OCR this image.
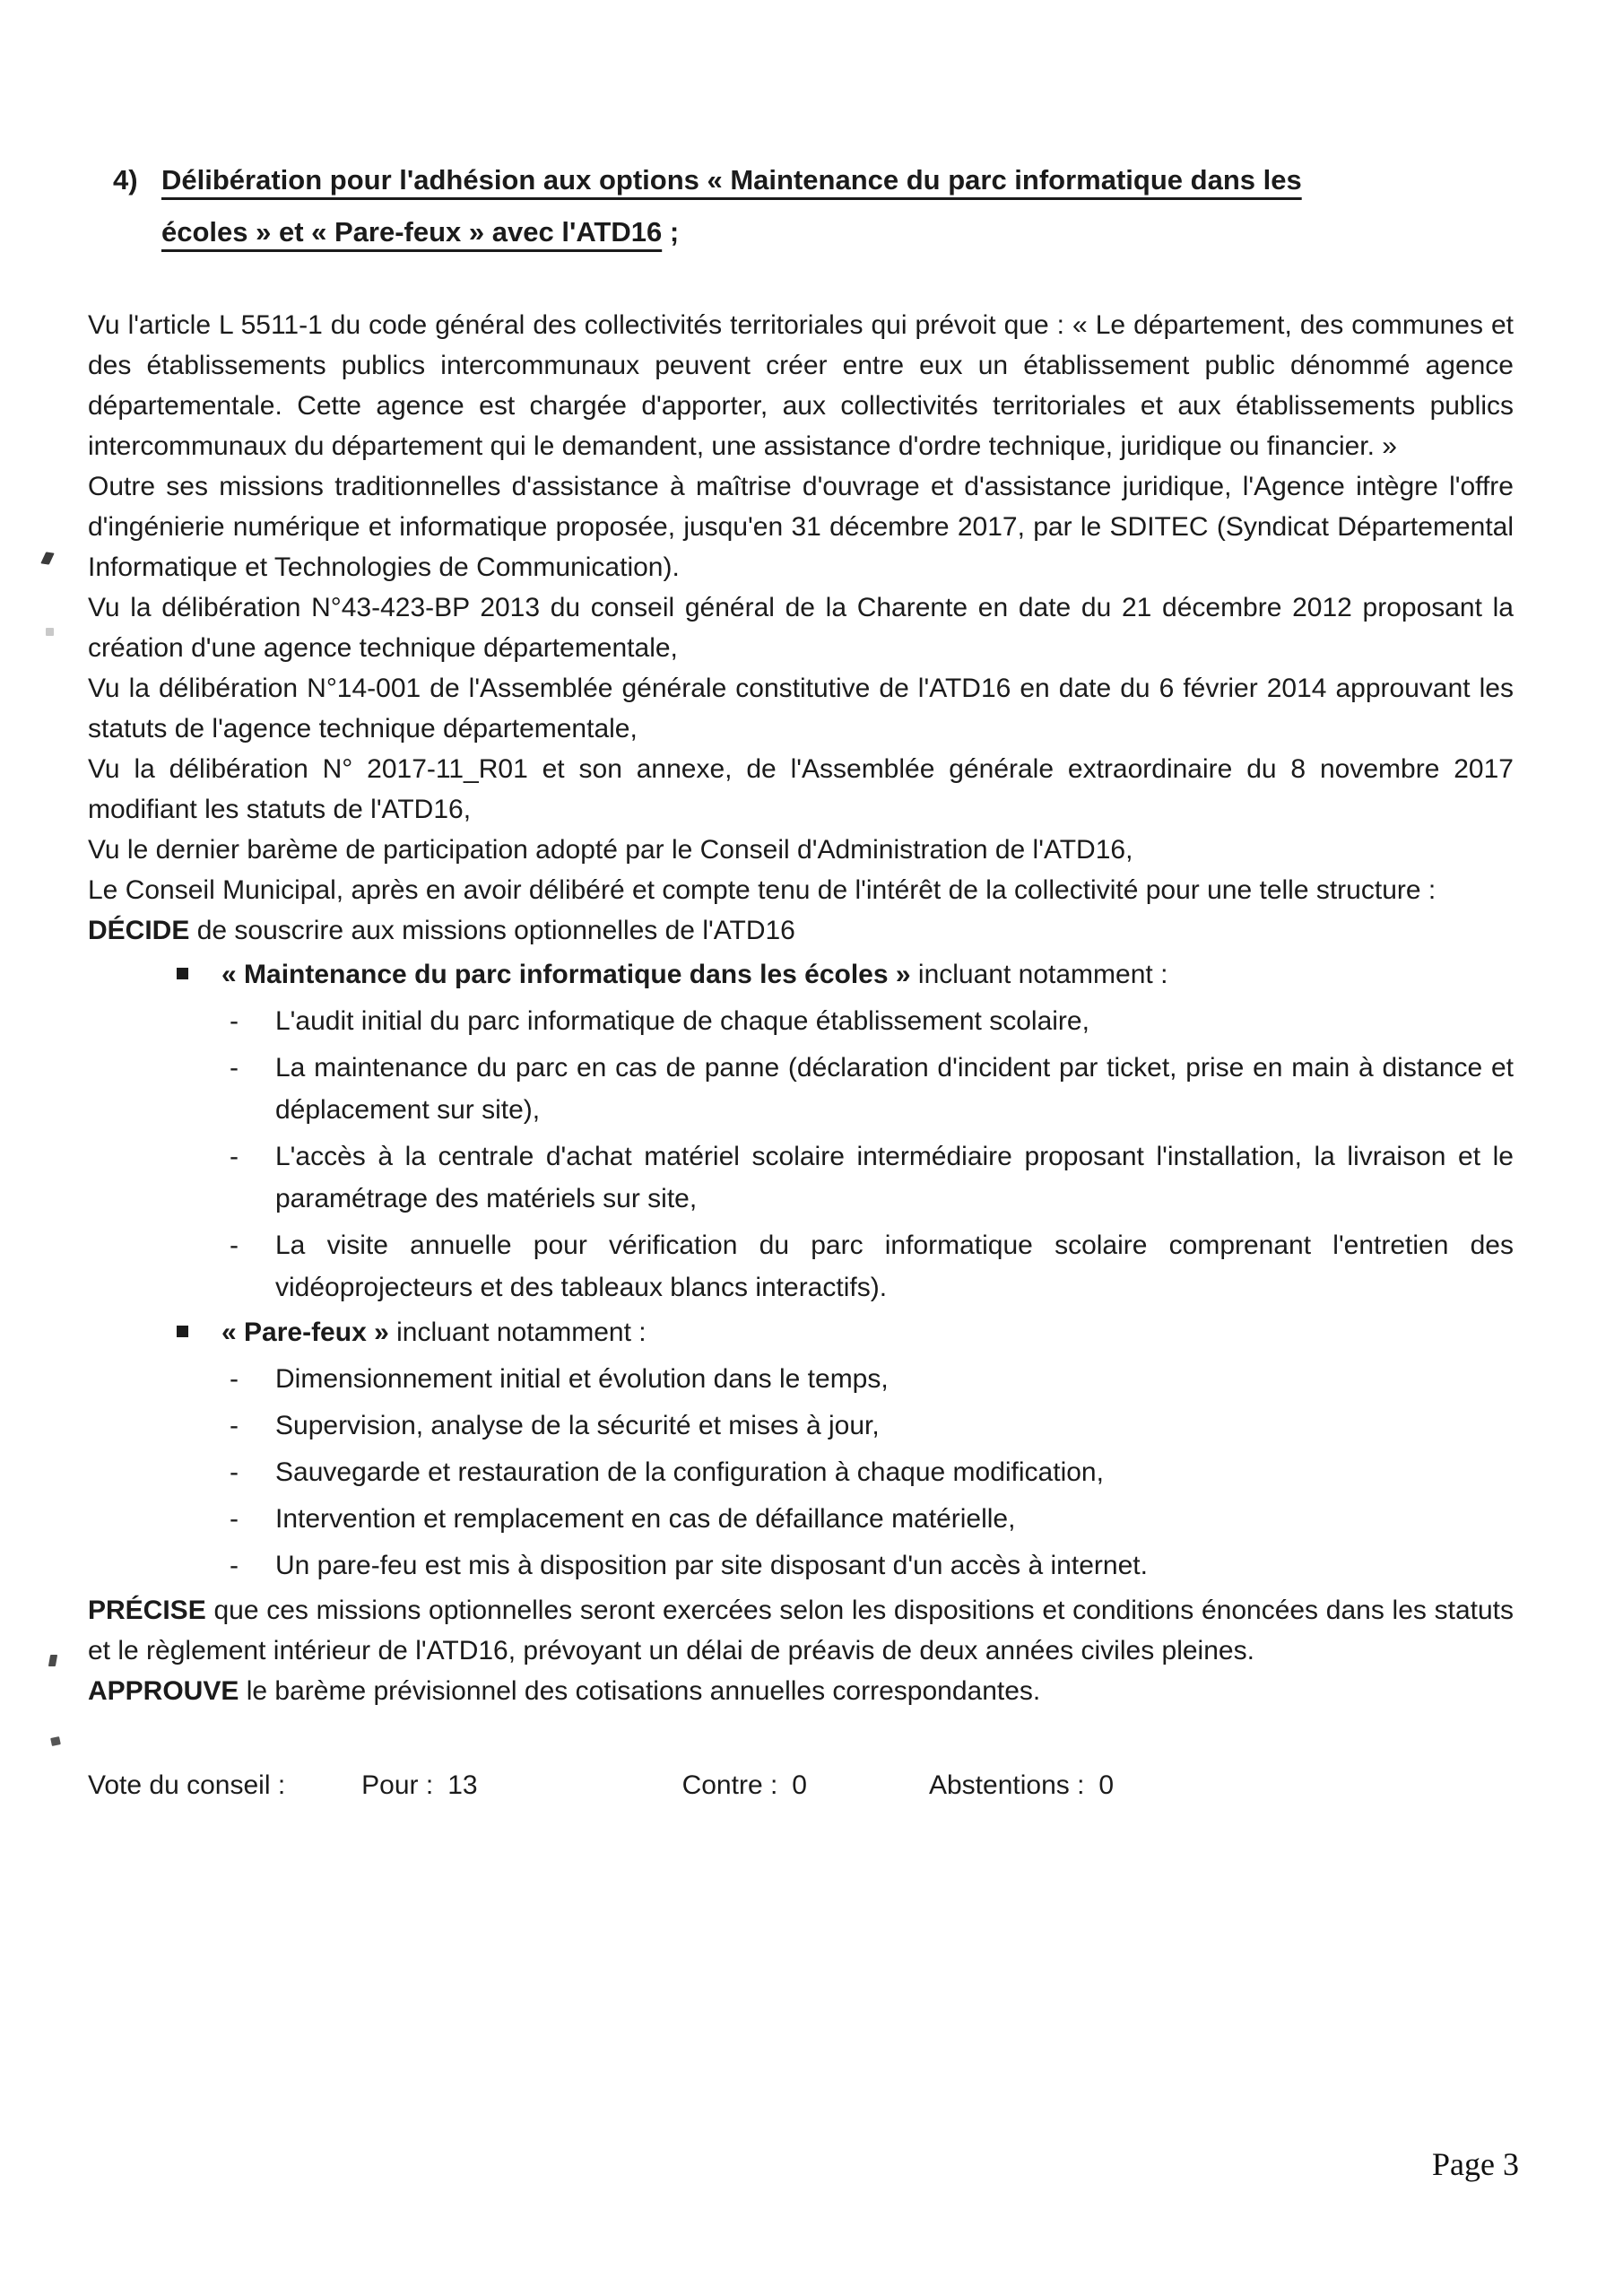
4) Délibération pour l'adhésion aux options « Maintenance du parc informatique dans les
écoles » et « Pare-feux » avec l'ATD16 ;

Vu l'article L 5511-1 du code général des collectivités territoriales qui prévoit que : « Le département, des communes et des établissements publics intercommunaux peuvent créer entre eux un établissement public dénommé agence départementale. Cette agence est chargée d'apporter, aux collectivités territoriales et aux établissements publics intercommunaux du département qui le demandent, une assistance d'ordre technique, juridique ou financier. »

Outre ses missions traditionnelles d'assistance à maîtrise d'ouvrage et d'assistance juridique, l'Agence intègre l'offre d'ingénierie numérique et informatique proposée, jusqu'en 31 décembre 2017, par le SDITEC (Syndicat Départemental Informatique et Technologies de Communication).

Vu la délibération N°43-423-BP 2013 du conseil général de la Charente en date du 21 décembre 2012 proposant la création d'une agence technique départementale,

Vu la délibération N°14-001 de l'Assemblée générale constitutive de l'ATD16 en date du 6 février 2014 approuvant les statuts de l'agence technique départementale,

Vu la délibération N° 2017-11_R01 et son annexe, de l'Assemblée générale extraordinaire du 8 novembre 2017 modifiant les statuts de l'ATD16,

Vu le dernier barème de participation adopté par le Conseil d'Administration de l'ATD16,

Le Conseil Municipal, après en avoir délibéré et compte tenu de l'intérêt de la collectivité pour une telle structure :

DÉCIDE de souscrire aux missions optionnelles de l'ATD16

« Maintenance du parc informatique dans les écoles » incluant notamment :
- L'audit initial du parc informatique de chaque établissement scolaire,
- La maintenance du parc en cas de panne (déclaration d'incident par ticket, prise en main à distance et déplacement sur site),
- L'accès à la centrale d'achat matériel scolaire intermédiaire proposant l'installation, la livraison et le paramétrage des matériels sur site,
- La visite annuelle pour vérification du parc informatique scolaire comprenant l'entretien des vidéoprojecteurs et des tableaux blancs interactifs).
« Pare-feux » incluant notamment :
- Dimensionnement initial et évolution dans le temps,
- Supervision, analyse de la sécurité et mises à jour,
- Sauvegarde et restauration de la configuration à chaque modification,
- Intervention et remplacement en cas de défaillance matérielle,
- Un pare-feu est mis à disposition par site disposant d'un accès à internet.

PRÉCISE que ces missions optionnelles seront exercées selon les dispositions et conditions énoncées dans les statuts et le règlement intérieur de l'ATD16, prévoyant un délai de préavis de deux années civiles pleines.

APPROUVE le barème prévisionnel des cotisations annuelles correspondantes.

Vote du conseil :	Pour : 13	Contre : 0	Abstentions : 0
Page 3
